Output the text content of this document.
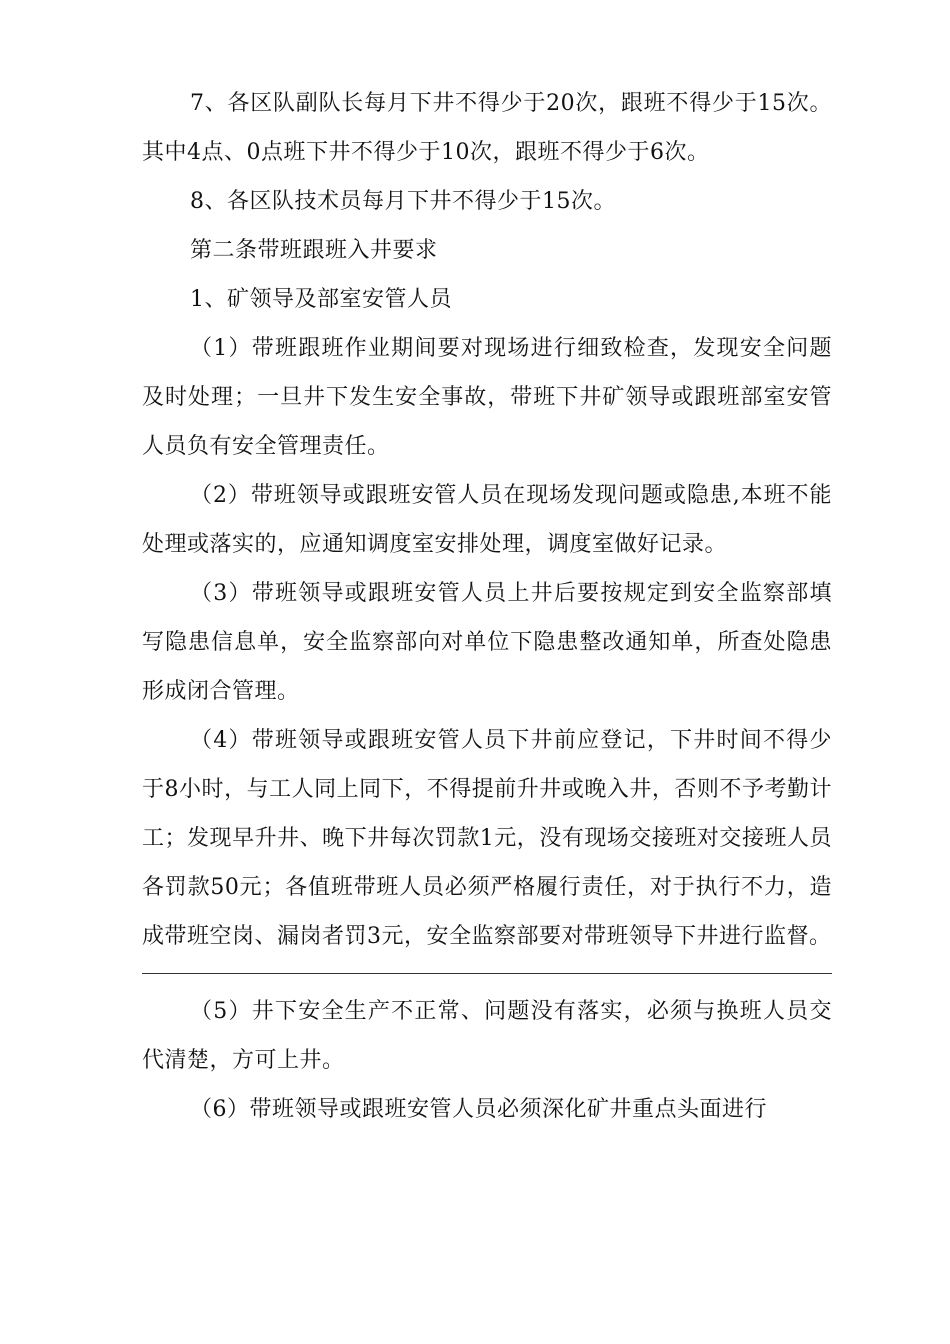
7、各区队副队长每月下井不得少于20次，跟班不得少于15次。其中4点、0点班下井不得少于10次，跟班不得少于6次。

8、各区队技术员每月下井不得少于15次。

第二条带班跟班入井要求

1、矿领导及部室安管人员

（1）带班跟班作业期间要对现场进行细致检查，发现安全问题及时处理；一旦井下发生安全事故，带班下井矿领导或跟班部室安管人员负有安全管理责任。

（2）带班领导或跟班安管人员在现场发现问题或隐患,本班不能处理或落实的，应通知调度室安排处理，调度室做好记录。

（3）带班领导或跟班安管人员上井后要按规定到安全监察部填写隐患信息单，安全监察部向对单位下隐患整改通知单，所查处隐患形成闭合管理。

（4）带班领导或跟班安管人员下井前应登记，下井时间不得少于8小时，与工人同上同下，不得提前升井或晚入井，否则不予考勤计工；发现早升井、晚下井每次罚款1元，没有现场交接班对交接班人员各罚款50元；各值班带班人员必须严格履行责任，对于执行不力，造成带班空岗、漏岗者罚3元，安全监察部要对带班领导下井进行监督。

（5）井下安全生产不正常、问题没有落实，必须与换班人员交代清楚，方可上井。

（6）带班领导或跟班安管人员必须深化矿井重点头面进行
